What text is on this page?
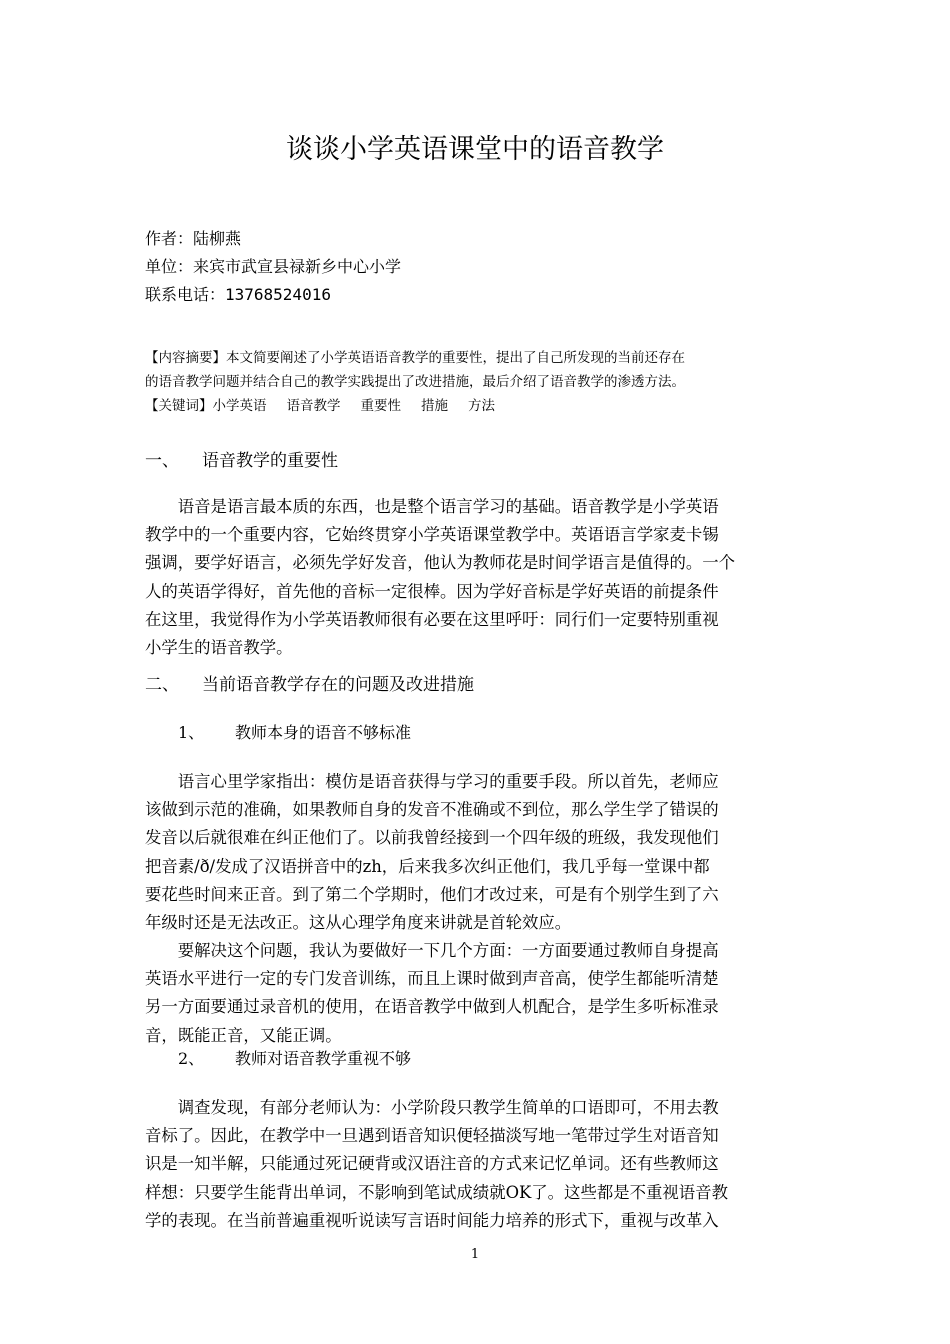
谈谈小学英语课堂中的语音教学
作者：陆柳燕
单位：来宾市武宣县禄新乡中心小学
联系电话：13768524016
【内容摘要】本文简要阐述了小学英语语音教学的重要性，提出了自己所发现的当前还存在
的语音教学问题并结合自己的教学实践提出了改进措施，最后介绍了语音教学的渗透方法。
【关键词】小学英语 语音教学 重要性 措施 方法
一、 语音教学的重要性
　　语音是语言最本质的东西，也是整个语言学习的基础。语音教学是小学英语
教学中的一个重要内容，它始终贯穿小学英语课堂教学中。英语语言学家麦卡锡
强调，要学好语言，必须先学好发音，他认为教师花是时间学语言是值得的。一个
人的英语学得好，首先他的音标一定很棒。因为学好音标是学好英语的前提条件
在这里，我觉得作为小学英语教师很有必要在这里呼吁：同行们一定要特别重视
小学生的语音教学。
二、 当前语音教学存在的问题及改进措施
1、 教师本身的语音不够标准
　　语言心里学家指出：模仿是语音获得与学习的重要手段。所以首先，老师应
该做到示范的准确，如果教师自身的发音不准确或不到位，那么学生学了错误的
发音以后就很难在纠正他们了。以前我曾经接到一个四年级的班级，我发现他们
把音素/ð/发成了汉语拼音中的zh，后来我多次纠正他们，我几乎每一堂课中都
要花些时间来正音。到了第二个学期时，他们才改过来，可是有个别学生到了六
年级时还是无法改正。这从心理学角度来讲就是首轮效应。
　　要解决这个问题，我认为要做好一下几个方面：一方面要通过教师自身提高
英语水平进行一定的专门发音训练，而且上课时做到声音高，使学生都能听清楚
另一方面要通过录音机的使用，在语音教学中做到人机配合，是学生多听标准录
音，既能正音，又能正调。
2、 教师对语音教学重视不够
　　调查发现，有部分老师认为：小学阶段只教学生简单的口语即可，不用去教
音标了。因此，在教学中一旦遇到语音知识便轻描淡写地一笔带过学生对语音知
识是一知半解，只能通过死记硬背或汉语注音的方式来记忆单词。还有些教师这
样想：只要学生能背出单词，不影响到笔试成绩就OK了。这些都是不重视语音教
学的表现。在当前普遍重视听说读写言语时间能力培养的形式下，重视与改革入
1
